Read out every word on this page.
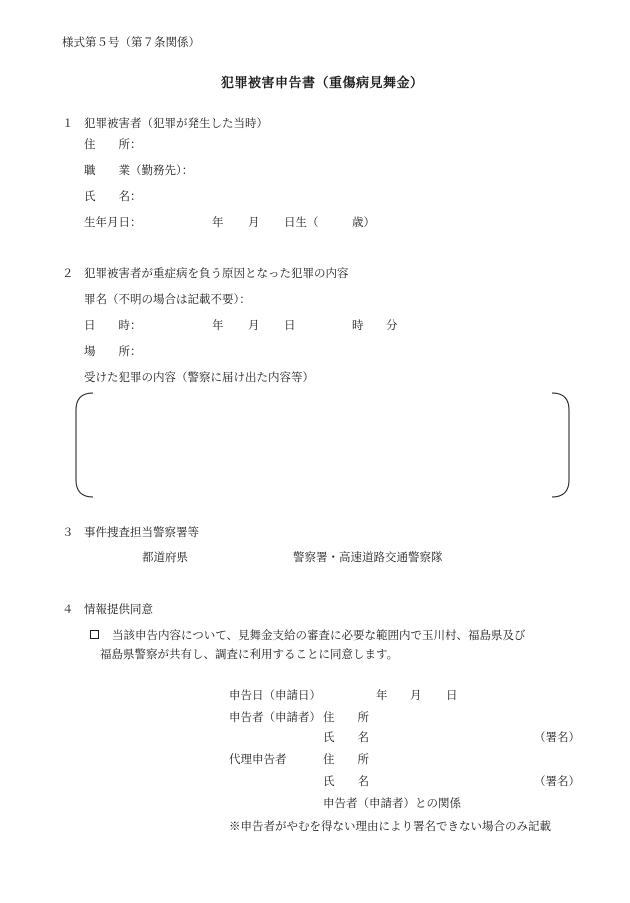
様式第５号（第７条関係）
犯罪被害申告書（重傷病見舞金）
１ 犯罪被害者（犯罪が発生した当時）
住　　所：
職　　業（勤務先）：
氏　　名：
生年月日：	年 月 日生（	歳）
２ 犯罪被害者が重症病を負う原因となった犯罪の内容
罪名（不明の場合は記載不要）：
日　　時：	年 月 日	時 分
場　　所：
受けた犯罪の内容（警察に届け出た内容等）
３ 事件捜査担当警察署等
都道府県	警察署・高速道路交通警察隊
４ 情報提供同意
当該申告内容について、見舞金支給の審査に必要な範囲内で玉川村、福島県及び
福島県警察が共有し、調査に利用することに同意します。
申告日（申請日）	年 月 日
申告者（申請者） 住　　所
氏　　名	（署名）
代理申告者	住　　所
氏　　名	（署名）
申告者（申請者）との関係
※申告者がやむを得ない理由により署名できない場合のみ記載
